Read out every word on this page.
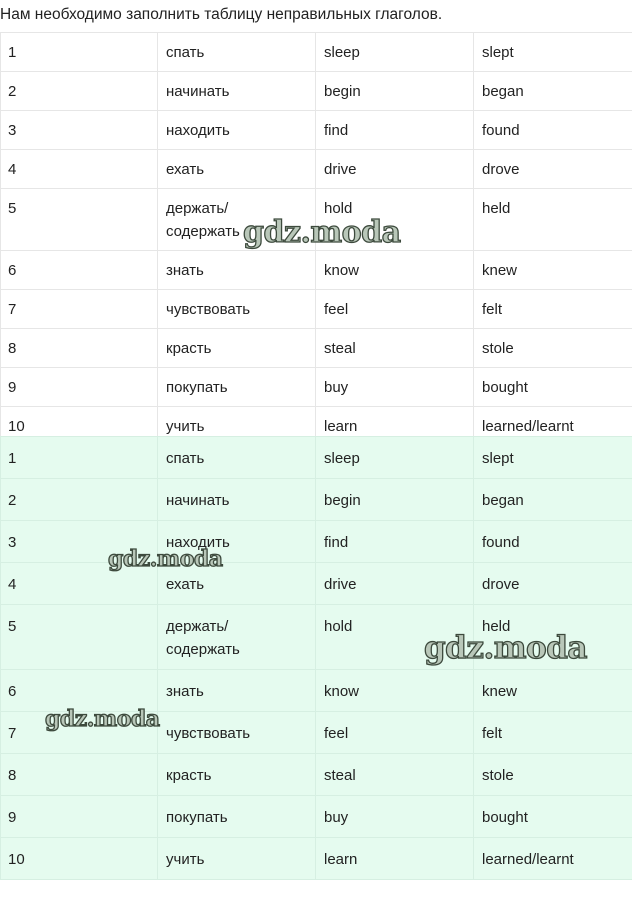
Нам необходимо заполнить таблицу неправильных глаголов.
1	спать	sleep	slept
2	начинать	begin	began
3	находить	find	found
4	ехать	drive	drove
5	держать/
содержать	hold	held
6	знать	know	knew
7	чувствовать	feel	felt
8	красть	steal	stole
9	покупать	buy	bought
10	учить	learn	learned/learnt
1	спать	sleep	slept
2	начинать	begin	began
3	находить	find	found
4	ехать	drive	drove
5	держать/
содержать	hold	held
6	знать	know	knew
7	чувствовать	feel	felt
8	красть	steal	stole
9	покупать	buy	bought
10	учить	learn	learned/learnt
gdz.moda
gdz.moda
gdz.moda
gdz.moda
